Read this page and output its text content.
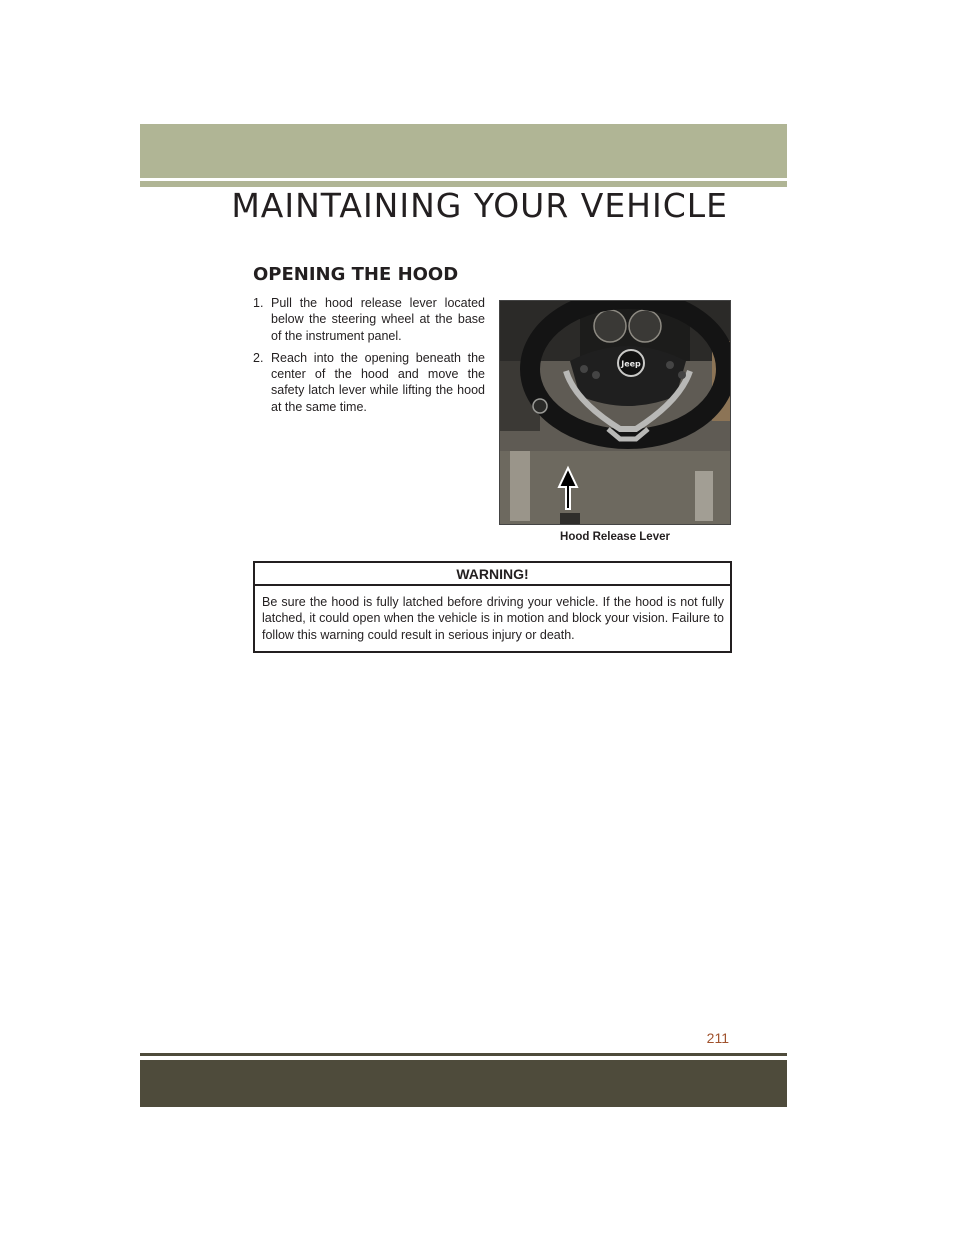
MAINTAINING YOUR VEHICLE
OPENING THE HOOD
1. Pull the hood release lever located below the steering wheel at the base of the instrument panel.
2. Reach into the opening beneath the center of the hood and move the safety latch lever while lifting the hood at the same time.
Jeep
Hood Release Lever
WARNING!
Be sure the hood is fully latched before driving your vehicle. If the hood is not fully latched, it could open when the vehicle is in motion and block your vision. Failure to follow this warning could result in serious injury or death.
211
